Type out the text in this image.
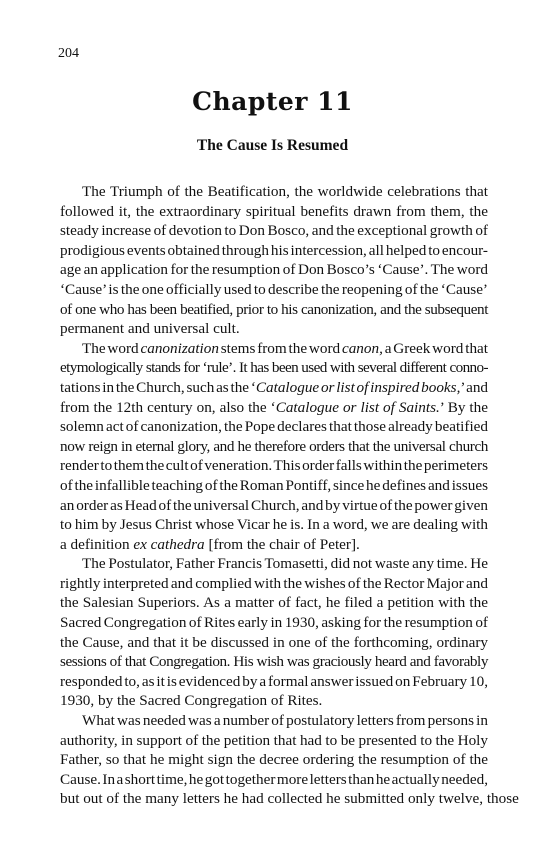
204
Chapter 11
The Cause Is Resumed
The Triumph of the Beatification, the worldwide celebrations that
followed it, the extraordinary spiritual benefits drawn from them, the
steady increase of devotion to Don Bosco, and the exceptional growth of
prodigious events obtained through his intercession, all helped to encour-
age an application for the resumption of Don Bosco’s ‘Cause’. The word
‘Cause’ is the one officially used to describe the reopening of the ‘Cause’
of one who has been beatified, prior to his canonization, and the subsequent
permanent and universal cult.
The word canonization stems from the word canon, a Greek word that
etymologically stands for ‘rule’. It has been used with several different conno-
tations in the Church, such as the ‘Catalogue or list of inspired books,’ and
from the 12th century on, also the ‘Catalogue or list of Saints.’ By the
solemn act of canonization, the Pope declares that those already beatified
now reign in eternal glory, and he therefore orders that the universal church
render to them the cult of veneration. This order falls within the perimeters
of the infallible teaching of the Roman Pontiff, since he defines and issues
an order as Head of the universal Church, and by virtue of the power given
to him by Jesus Christ whose Vicar he is. In a word, we are dealing with
a definition ex cathedra [from the chair of Peter].
The Postulator, Father Francis Tomasetti, did not waste any time. He
rightly interpreted and complied with the wishes of the Rector Major and
the Salesian Superiors. As a matter of fact, he filed a petition with the
Sacred Congregation of Rites early in 1930, asking for the resumption of
the Cause, and that it be discussed in one of the forthcoming, ordinary
sessions of that Congregation. His wish was graciously heard and favorably
responded to, as it is evidenced by a formal answer issued on February 10,
1930, by the Sacred Congregation of Rites.
What was needed was a number of postulatory letters from persons in
authority, in support of the petition that had to be presented to the Holy
Father, so that he might sign the decree ordering the resumption of the
Cause. In a short time, he got together more letters than he actually needed,
but out of the many letters he had collected he submitted only twelve, those
